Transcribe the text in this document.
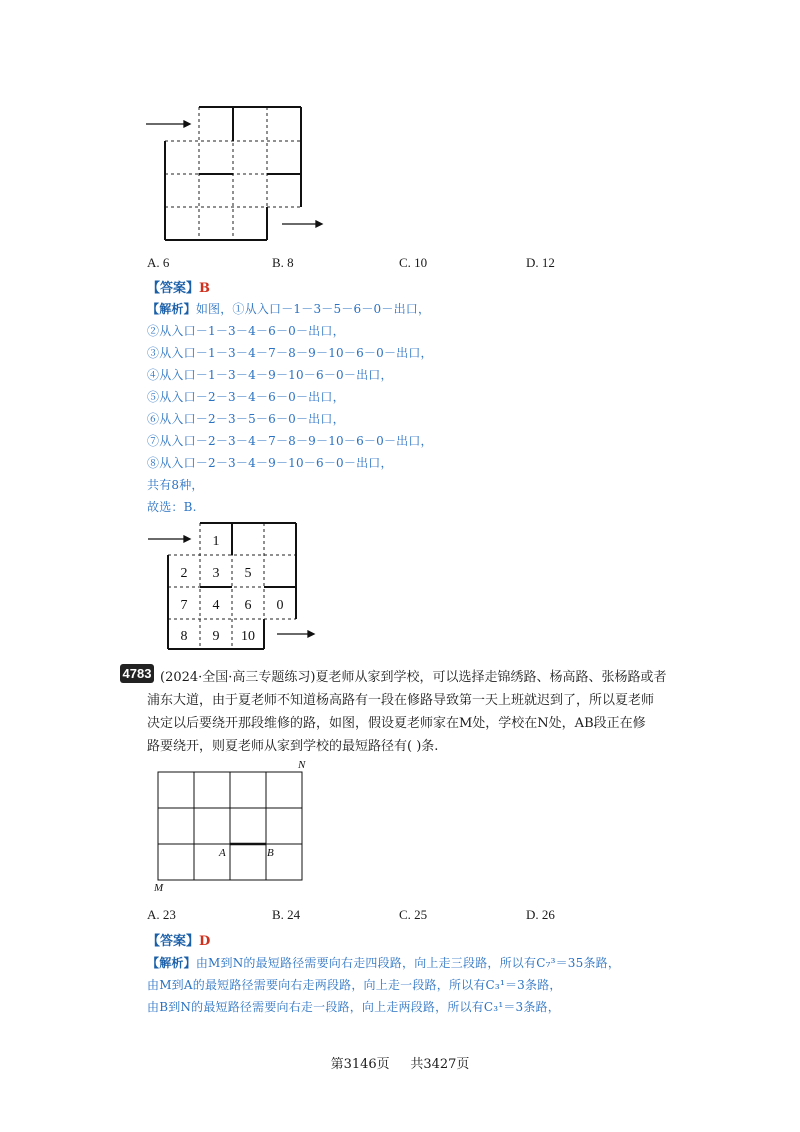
A. 6	B. 8	C. 10	D. 12
【答案】B
【解析】如图，①从入口－1－3－5－6－0－出口，
②从入口－1－3－4－6－0－出口，
③从入口－1－3－4－7－8－9－10－6－0－出口，
④从入口－1－3－4－9－10－6－0－出口，
⑤从入口－2－3－4－6－0－出口，
⑥从入口－2－3－5－6－0－出口，
⑦从入口－2－3－4－7－8－9－10－6－0－出口，
⑧从入口－2－3－4－9－10－6－0－出口，
共有8种，
故选：B.
1
2 3 5
7 4 6 0
8 9 10
4783 (2024·全国·高三专题练习)夏老师从家到学校，可以选择走锦绣路、杨高路、张杨路或者
浦东大道，由于夏老师不知道杨高路有一段在修路导致第一天上班就迟到了，所以夏老师
决定以后要绕开那段维修的路，如图，假设夏老师家在M处，学校在N处，AB段正在修
路要绕开，则夏老师从家到学校的最短路径有( )条.
N
M
A	B
A. 23	B. 24	C. 25	D. 26
【答案】D
【解析】由M到N的最短路径需要向右走四段路，向上走三段路，所以有C₇³＝35条路，
由M到A的最短路径需要向右走两段路，向上走一段路，所以有C₃¹＝3条路，
由B到N的最短路径需要向右走一段路，向上走两段路，所以有C₃¹＝3条路，
第3146页 共3427页
